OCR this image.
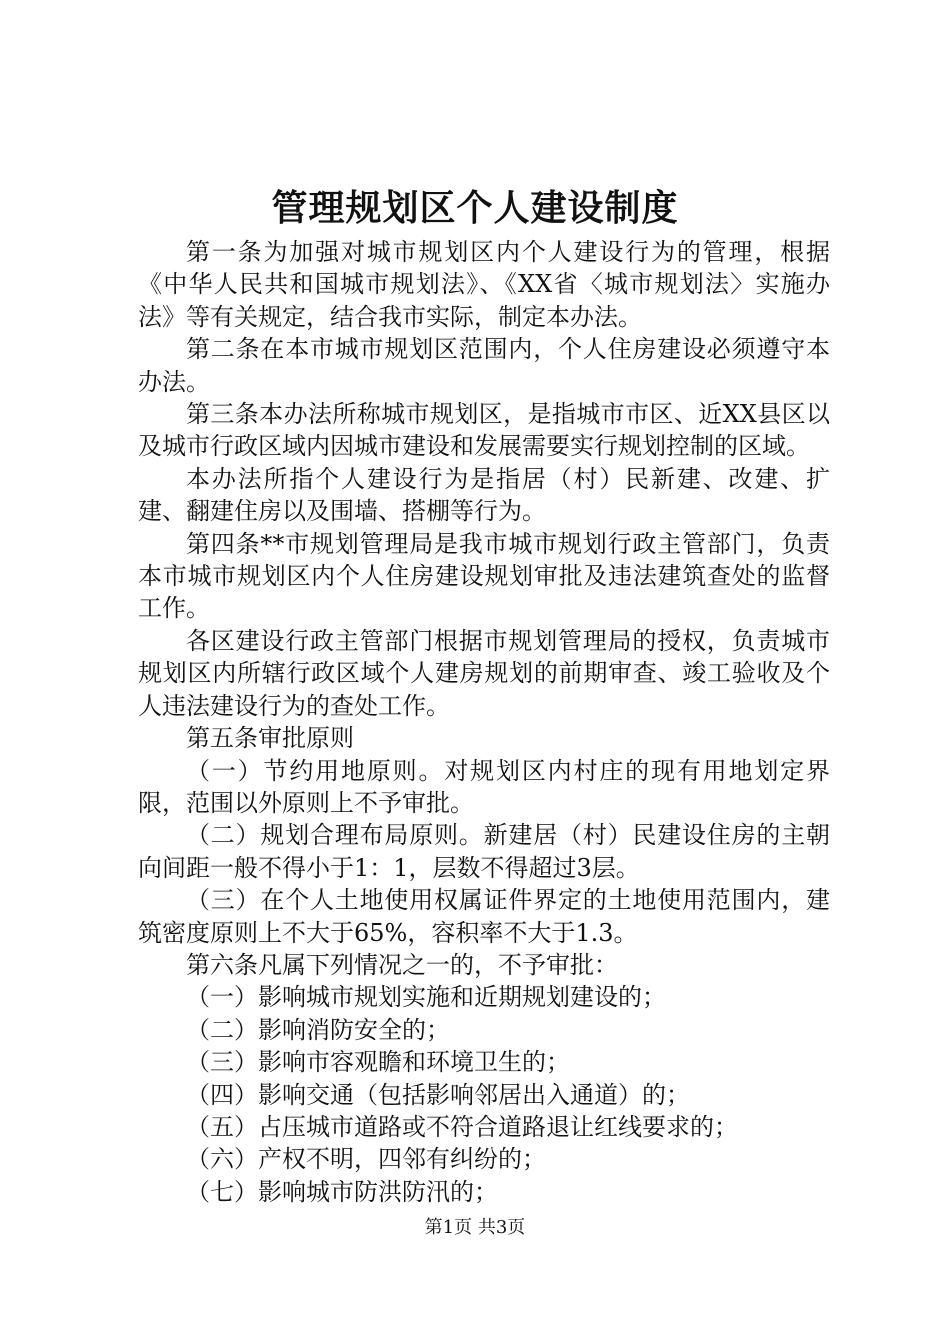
管理规划区个人建设制度

第一条为加强对城市规划区内个人建设行为的管理，根据《中华人民共和国城市规划法》、《XX省〈城市规划法〉实施办法》等有关规定，结合我市实际，制定本办法。

第二条在本市城市规划区范围内，个人住房建设必须遵守本办法。

第三条本办法所称城市规划区，是指城市市区、近XX县区以及城市行政区域内因城市建设和发展需要实行规划控制的区域。

本办法所指个人建设行为是指居（村）民新建、改建、扩建、翻建住房以及围墙、搭棚等行为。

第四条**市规划管理局是我市城市规划行政主管部门，负责本市城市规划区内个人住房建设规划审批及违法建筑查处的监督工作。

各区建设行政主管部门根据市规划管理局的授权，负责城市规划区内所辖行政区域个人建房规划的前期审查、竣工验收及个人违法建设行为的查处工作。

第五条审批原则

（一）节约用地原则。对规划区内村庄的现有用地划定界限，范围以外原则上不予审批。

（二）规划合理布局原则。新建居（村）民建设住房的主朝向间距一般不得小于1：1，层数不得超过3层。

（三）在个人土地使用权属证件界定的土地使用范围内，建筑密度原则上不大于65%，容积率不大于1.3。

第六条凡属下列情况之一的，不予审批：

（一）影响城市规划实施和近期规划建设的；

（二）影响消防安全的；

（三）影响市容观瞻和环境卫生的；

（四）影响交通（包括影响邻居出入通道）的；

（五）占压城市道路或不符合道路退让红线要求的；

（六）产权不明，四邻有纠纷的；

（七）影响城市防洪防汛的；

第1页 共3页
